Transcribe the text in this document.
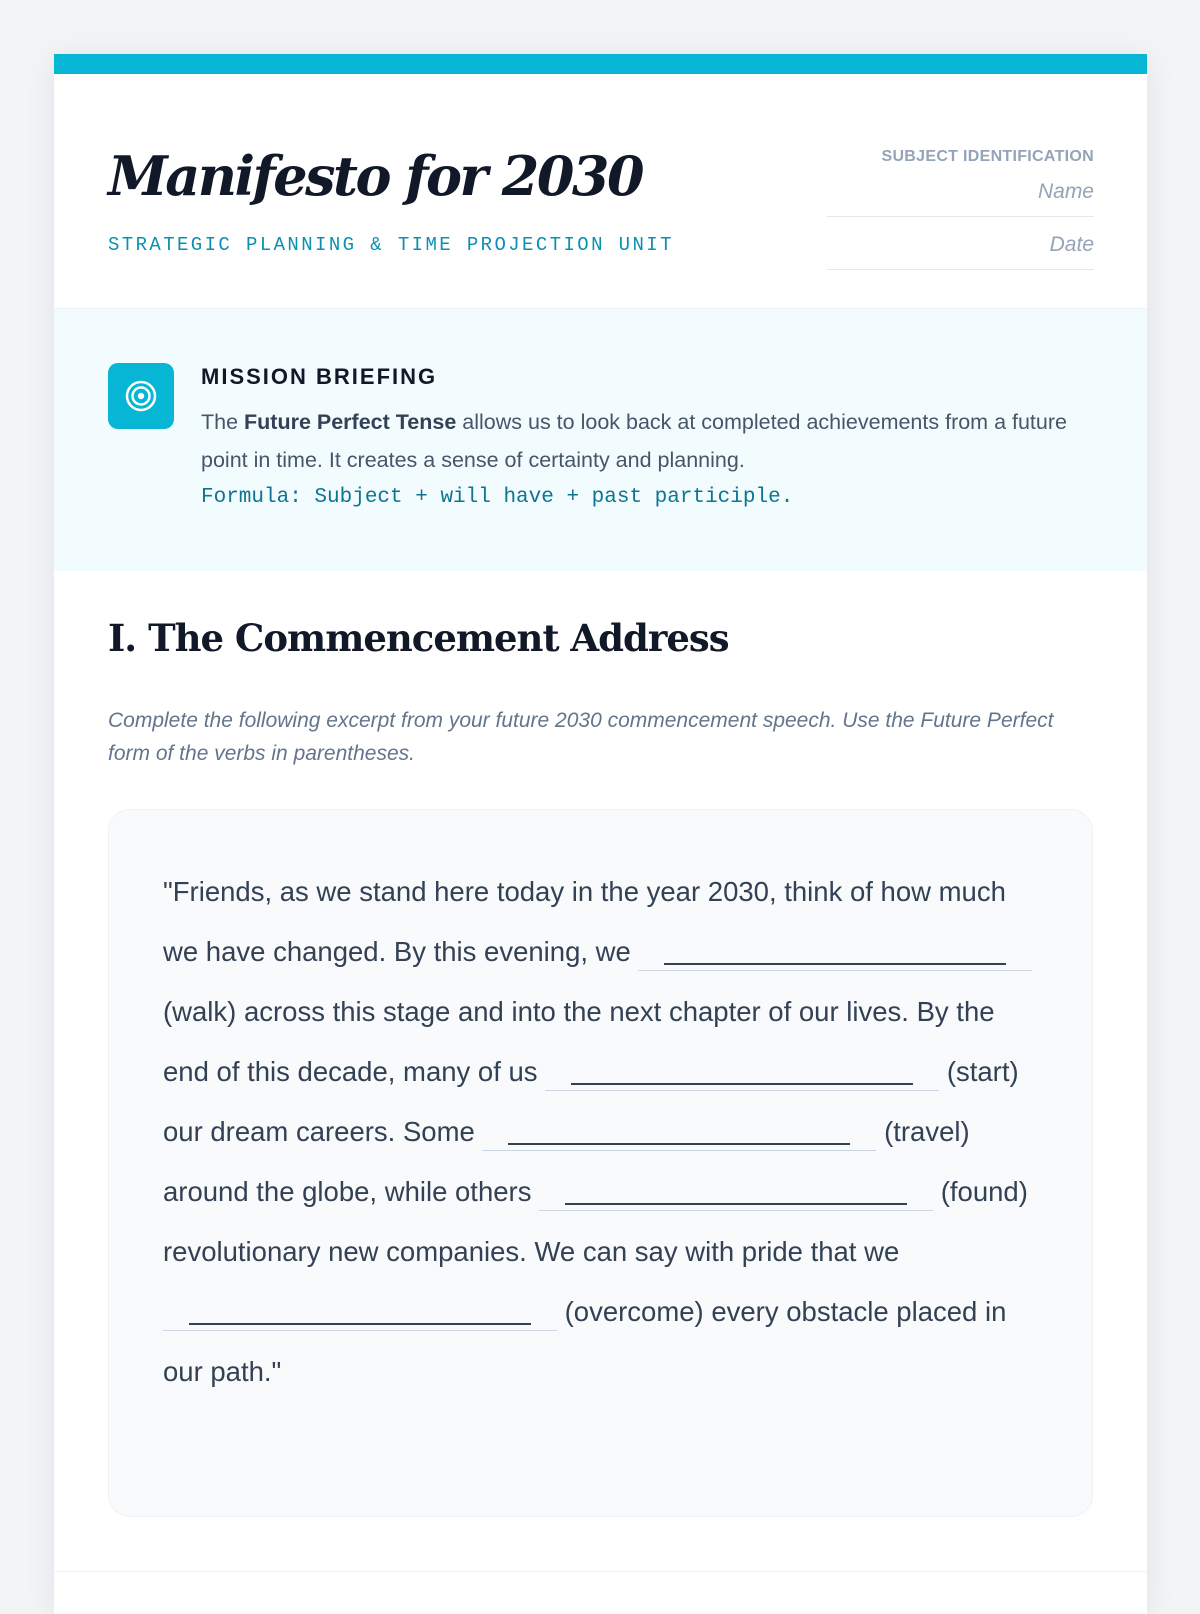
Manifesto for 2030
STRATEGIC PLANNING & TIME PROJECTION UNIT
SUBJECT IDENTIFICATION
Name
Date
MISSION BRIEFING
The Future Perfect Tense allows us to look back at completed achievements from a future point in time. It creates a sense of certainty and planning.
Formula: Subject + will have + past participle.
I. The Commencement Address

Complete the following excerpt from your future 2030 commencement speech. Use the Future Perfect form of the verbs in parentheses.

"Friends, as we stand here today in the year 2030, think of how much we have changed. By this evening, we  (walk) across this stage and into the next chapter of our lives. By the end of this decade, many of us	(start) our dream careers. Some	(travel) around the globe, while others	(found) revolutionary new companies. We can say with pride that we  (overcome) every obstacle placed in our path."
